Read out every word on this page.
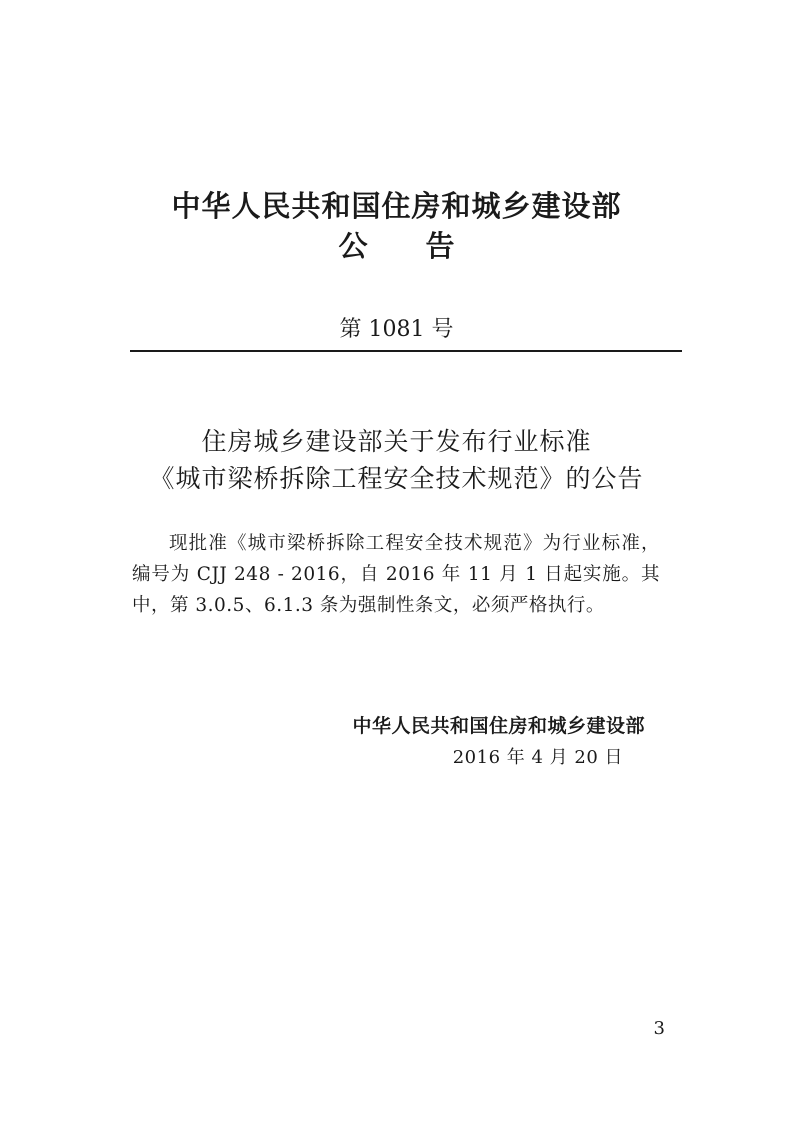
中华人民共和国住房和城乡建设部
公告
第 1081 号
住房城乡建设部关于发布行业标准
《城市梁桥拆除工程安全技术规范》的公告
现批准《城市梁桥拆除工程安全技术规范》为行业标准，编号为 CJJ 248 - 2016，自 2016 年 11 月 1 日起实施。其中，第 3.0.5、6.1.3 条为强制性条文，必须严格执行。
中华人民共和国住房和城乡建设部
2016 年 4 月 20 日
3
